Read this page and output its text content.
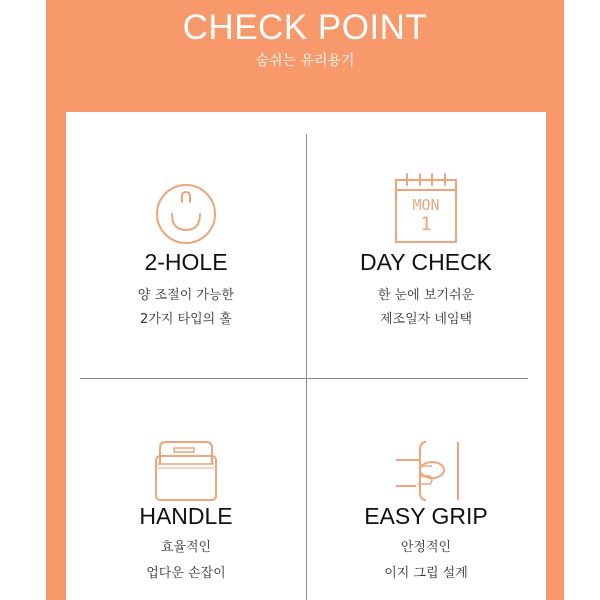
CHECK POINT
숨쉬는 유리용기
2-HOLE
양 조절이 가능한
2가지 타입의 홀
MON
1
DAY CHECK
한 눈에 보기쉬운
제조일자 네임택
HANDLE
효율적인
업다운 손잡이
EASY GRIP
안정적인
이지 그립 설계
